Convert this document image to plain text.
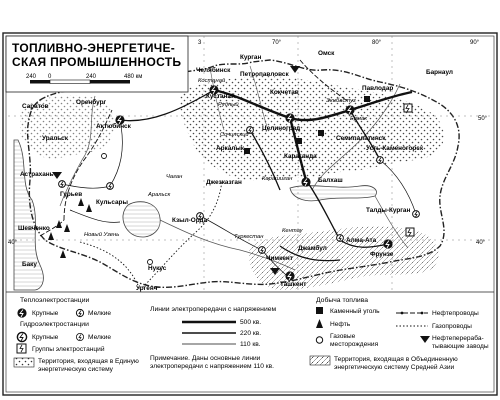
Челябинск
Курган
Омск
Барнаул
Костанай
Петропавловск
Кустанай
Рудный
Кокчетав
Павлодар
Экибастуз
Ермак
Целиноград
Аркалык
Сочинский
Караганда
Семипалатинск
Усть-Каменогорск
Оренбург
Актюбинск
Саратов
Уральск
Астрахань
Гурьев
Кульсары
Шевченко
Новый Узень
Джезказган
Кзыл-Орда
Балхаш
Талды-Курган
Алма-Ата
Фрунзе
Чимкент
Джамбул
Ташкент
Туркестан
Нукус
Ургенч
Баку
Аральск
Чаган	Карашиган
Кентау
70°	80°	90°
50°
40°
40°
3
ТОПЛИВНО-ЭНЕРГЕТИЧЕ-
СКАЯ ПРОМЫШЛЕННОСТЬ
240 0	240	480 км
Теплоэлектростанции
Крупные	Мелкие
Гидроэлектростанции
Крупные	Мелкие
Группы электростанций
Территория, входящая в Единую
энергетическую систему
Линии электропередачи с напряжением
500 кв.
220 кв.
110 кв.
Примечание. Даны основные линии
электропередачи с напряжением 110 кв.
Добыча топлива
Каменный уголь
Нефть
Газовые
месторождения
Нефтепроводы
Газопроводы
Нефтеперераба-
тывающие заводы
Территория, входящая в Объединенную
энергетическую систему Средней Азии
